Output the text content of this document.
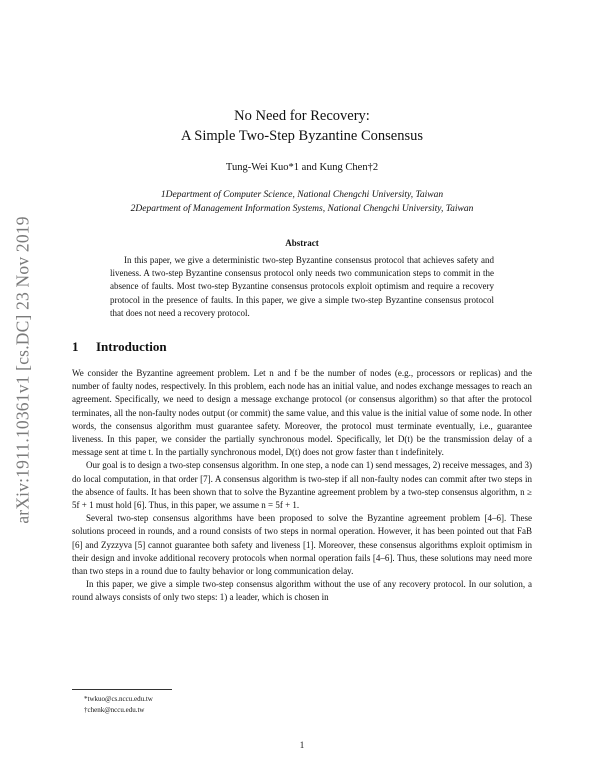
arXiv:1911.10361v1 [cs.DC] 23 Nov 2019
No Need for Recovery:
A Simple Two-Step Byzantine Consensus
Tung-Wei Kuo*1 and Kung Chen†2
1Department of Computer Science, National Chengchi University, Taiwan
2Department of Management Information Systems, National Chengchi University, Taiwan
Abstract
In this paper, we give a deterministic two-step Byzantine consensus protocol that achieves safety and liveness. A two-step Byzantine consensus protocol only needs two communication steps to commit in the absence of faults. Most two-step Byzantine consensus protocols exploit optimism and require a recovery protocol in the presence of faults. In this paper, we give a simple two-step Byzantine consensus protocol that does not need a recovery protocol.
1 Introduction

We consider the Byzantine agreement problem. Let n and f be the number of nodes (e.g., processors or replicas) and the number of faulty nodes, respectively. In this problem, each node has an initial value, and nodes exchange messages to reach an agreement. Specifically, we need to design a message exchange protocol (or consensus algorithm) so that after the protocol terminates, all the non-faulty nodes output (or commit) the same value, and this value is the initial value of some node. In other words, the consensus algorithm must guarantee safety. Moreover, the protocol must terminate eventually, i.e., guarantee liveness. In this paper, we consider the partially synchronous model. Specifically, let D(t) be the transmission delay of a message sent at time t. In the partially synchronous model, D(t) does not grow faster than t indefinitely.

Our goal is to design a two-step consensus algorithm. In one step, a node can 1) send messages, 2) receive messages, and 3) do local computation, in that order [7]. A consensus algorithm is two-step if all non-faulty nodes can commit after two steps in the absence of faults. It has been shown that to solve the Byzantine agreement problem by a two-step consensus algorithm, n ≥ 5f + 1 must hold [6]. Thus, in this paper, we assume n = 5f + 1.

Several two-step consensus algorithms have been proposed to solve the Byzantine agreement problem [4–6]. These solutions proceed in rounds, and a round consists of two steps in normal operation. However, it has been pointed out that FaB [6] and Zyzzyva [5] cannot guarantee both safety and liveness [1]. Moreover, these consensus algorithms exploit optimism in their design and invoke additional recovery protocols when normal operation fails [4–6]. Thus, these solutions may need more than two steps in a round due to faulty behavior or long communication delay.

In this paper, we give a simple two-step consensus algorithm without the use of any recovery protocol. In our solution, a round always consists of only two steps: 1) a leader, which is chosen in

*twkuo@cs.nccu.edu.tw
†chenk@nccu.edu.tw
1
